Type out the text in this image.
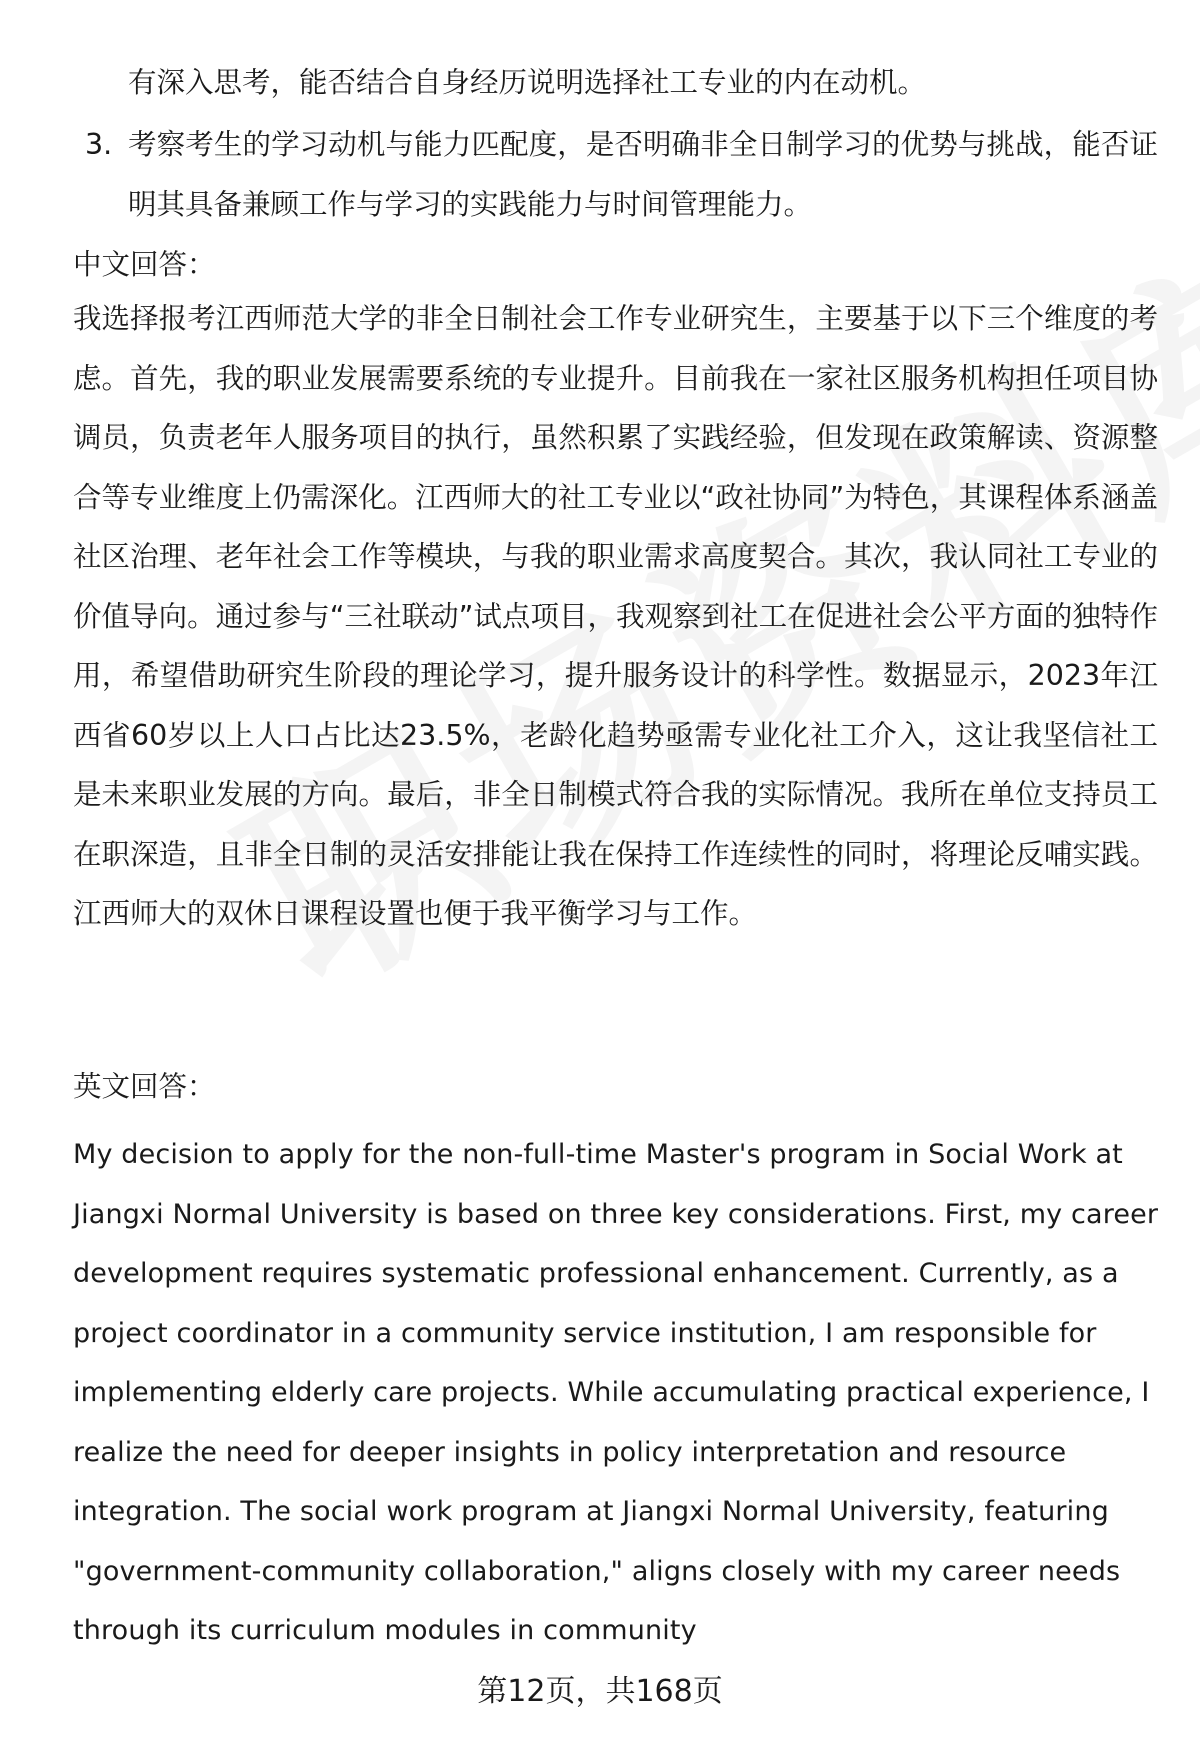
有深入思考，能否结合自身经历说明选择社工专业的内在动机。

3. 考察考生的学习动机与能力匹配度，是否明确非全日制学习的优势与挑战，能否证明其具备兼顾工作与学习的实践能力与时间管理能力。
中文回答：

我选择报考江西师范大学的非全日制社会工作专业研究生，主要基于以下三个维度的考虑。首先，我的职业发展需要系统的专业提升。目前我在一家社区服务机构担任项目协调员，负责老年人服务项目的执行，虽然积累了实践经验，但发现在政策解读、资源整合等专业维度上仍需深化。江西师大的社工专业以“政社协同”为特色，其课程体系涵盖社区治理、老年社会工作等模块，与我的职业需求高度契合。其次，我认同社工专业的价值导向。通过参与“三社联动”试点项目，我观察到社工在促进社会公平方面的独特作用，希望借助研究生阶段的理论学习，提升服务设计的科学性。数据显示，2023年江西省60岁以上人口占比达23.5%，老龄化趋势亟需专业化社工介入，这让我坚信社工是未来职业发展的方向。最后，非全日制模式符合我的实际情况。我所在单位支持员工在职深造，且非全日制的灵活安排能让我在保持工作连续性的同时，将理论反哺实践。江西师大的双休日课程设置也便于我平衡学习与工作。

英文回答：

My decision to apply for the non-full-time Master's program in Social Work at Jiangxi Normal University is based on three key considerations. First, my career development requires systematic professional enhancement. Currently, as a project coordinator in a community service institution, I am responsible for implementing elderly care projects. While accumulating practical experience, I realize the need for deeper insights in policy interpretation and resource integration. The social work program at Jiangxi Normal University, featuring "government-community collaboration," aligns closely with my career needs through its curriculum modules in community

第12页，共168页
